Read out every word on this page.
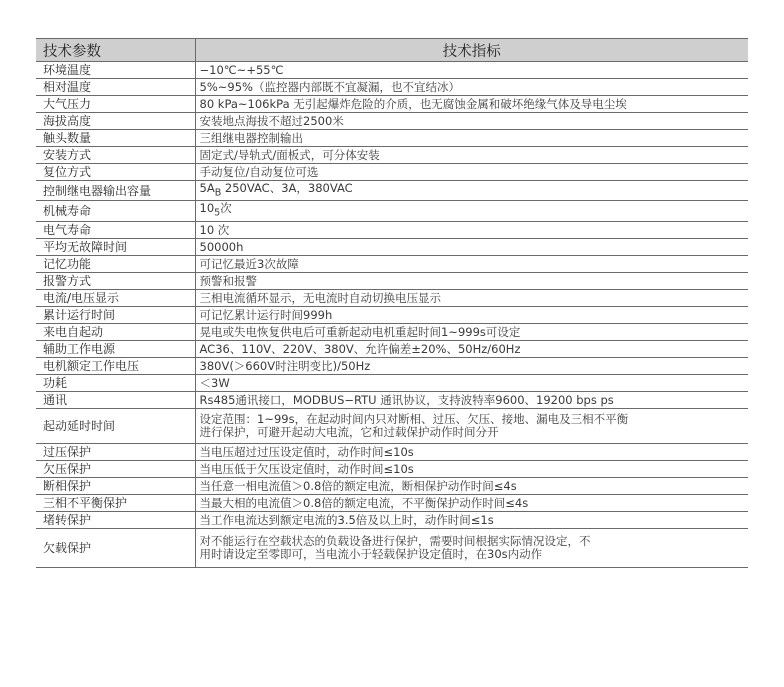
技术参数	技术指标
环境温度	−10℃~+55℃
相对温度	5%~95%（监控器内部既不宜凝漏，也不宜结冰）
大气压力	80 kPa~106kPa 无引起爆炸危险的介质，也无腐蚀金属和破坏绝缘气体及导电尘埃
海拔高度	安装地点海拔不超过2500米
触头数量	三组继电器控制输出
安装方式	固定式/导轨式/面板式，可分体安装
复位方式	手动复位/自动复位可选
控制继电器输出容量	$5A_B$ 250VAC、3A，380VAC
机械寿命	$10_5$次
电气寿命	10 次
平均无故障时间	50000h
记忆功能	可记忆最近3次故障
报警方式	预警和报警
电流/电压显示	三相电流循环显示，无电流时自动切换电压显示
累计运行时间	可记忆累计运行时间999h
来电自起动	晃电或失电恢复供电后可重新起动电机重起时间1~999s可设定
辅助工作电源	AC36、110V、220V、380V、允许偏差±20%、50Hz/60Hz
电机额定工作电压	380V(＞660V时注明变比)/50Hz
功耗	＜3W
通讯	Rs485通讯接口，MODBUS−RTU 通讯协议，支持波特率9600、19200 bps ps
起动延时时间	设定范围：1~99s，在起动时间内只对断相、过压、欠压、接地、漏电及三相不平衡
进行保护，可避开起动大电流，它和过载保护动作时间分开

过压保护	当电压超过过压设定值时，动作时间≤10s
欠压保护	当电压低于欠压设定值时，动作时间≤10s
断相保护	当任意一相电流值＞0.8倍的额定电流，断相保护动作时间≤4s
三相不平衡保护	当最大相的电流值＞0.8倍的额定电流，不平衡保护动作时间≤4s
堵转保护	当工作电流达到额定电流的3.5倍及以上时，动作时间≤1s
欠载保护	对不能运行在空载状态的负载设备进行保护，需要时间根据实际情况设定，不
用时请设定至零即可，当电流小于轻载保护设定值时，在30s内动作
